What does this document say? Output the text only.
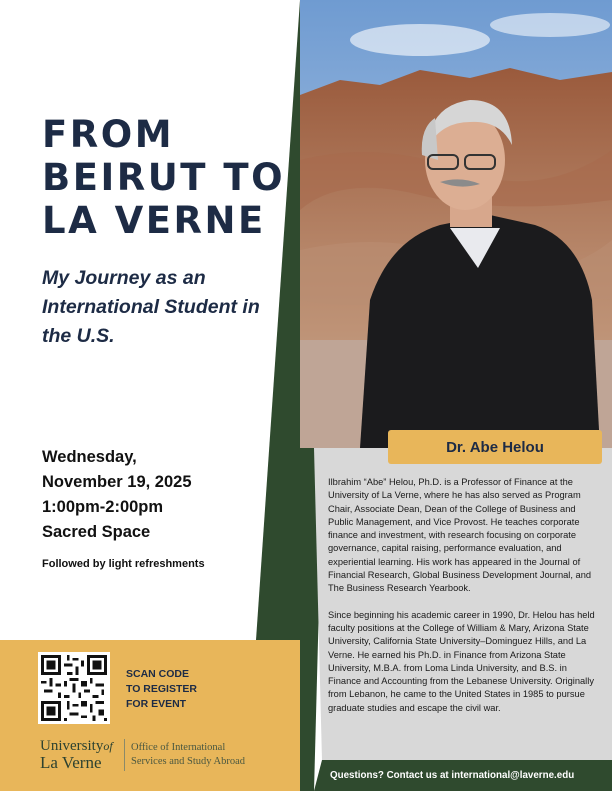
FROM BEIRUT TO LA VERNE
My Journey as an International Student in the U.S.
Wednesday,
November 19, 2025
1:00pm-2:00pm
Sacred Space
Followed by light refreshments
SCAN CODE
TO REGISTER
FOR EVENT
Universityof
La Verne
Office of International
Services and Study Abroad
Dr. Abe Helou

Ilbrahim “Abe” Helou, Ph.D. is a Professor of Finance at the University of La Verne, where he has also served as Program Chair, Associate Dean, Dean of the College of Business and Public Management, and Vice Provost. He teaches corporate finance and investment, with research focusing on corporate governance, capital raising, performance evaluation, and experiential learning. His work has appeared in the Journal of Financial Research, Global Business Development Journal, and The Business Research Yearbook.

Since beginning his academic career in 1990, Dr. Helou has held faculty positions at the College of William & Mary, Arizona State University, California State University–Dominguez Hills, and La Verne. He earned his Ph.D. in Finance from Arizona State University, M.B.A. from Loma Linda University, and B.S. in Finance and Accounting from the Lebanese University. Originally from Lebanon, he came to the United States in 1985 to pursue graduate studies and escape the civil war.

Questions? Contact us at international@laverne.edu
